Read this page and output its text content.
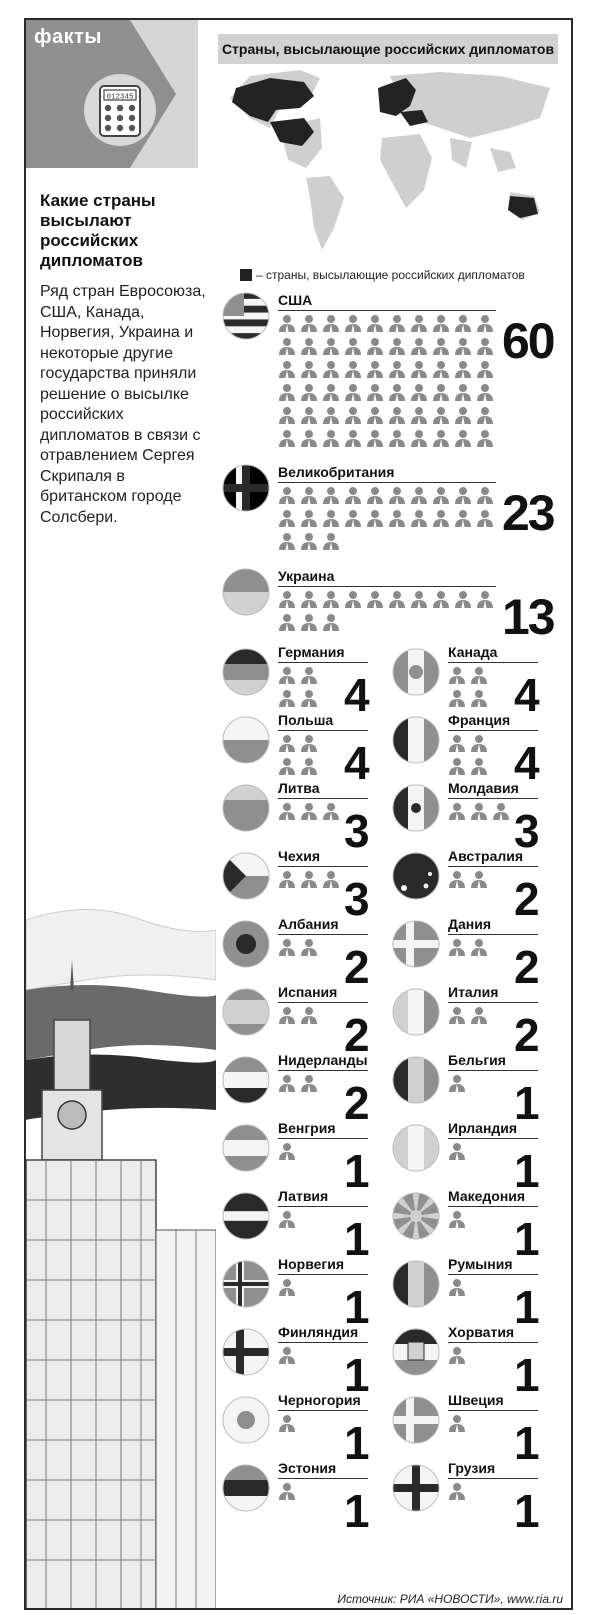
факты
012345
Какие страны высылают российских дипломатов
Ряд стран Евросоюза, США, Канада, Норвегия, Украина и некоторые другие государства приняли решение о высылке российских дипломатов в связи с отравлением Сергея Скрипаля в британском городе Солсбери.
Страны, высылающие российских дипломатов
– страны, высылающие российских дипломатов
США
60
Великобритания
23
Украина
13
Германия
4
Канада
4
Польша
4
Франция
4
Литва
3
Молдавия
3
Чехия
3
Австралия
2
Албания
2
Дания
2
Испания
2
Италия
2
Нидерланды
2
Бельгия
1
Венгрия
1
Ирландия
1
Латвия
1
Македония
1
Норвегия
1
Румыния
1
Финляндия
1
Хорватия
1
Черногория
1
Швеция
1
Эстония
1
Грузия
1
Источник: РИА «НОВОСТИ», www.ria.ru
